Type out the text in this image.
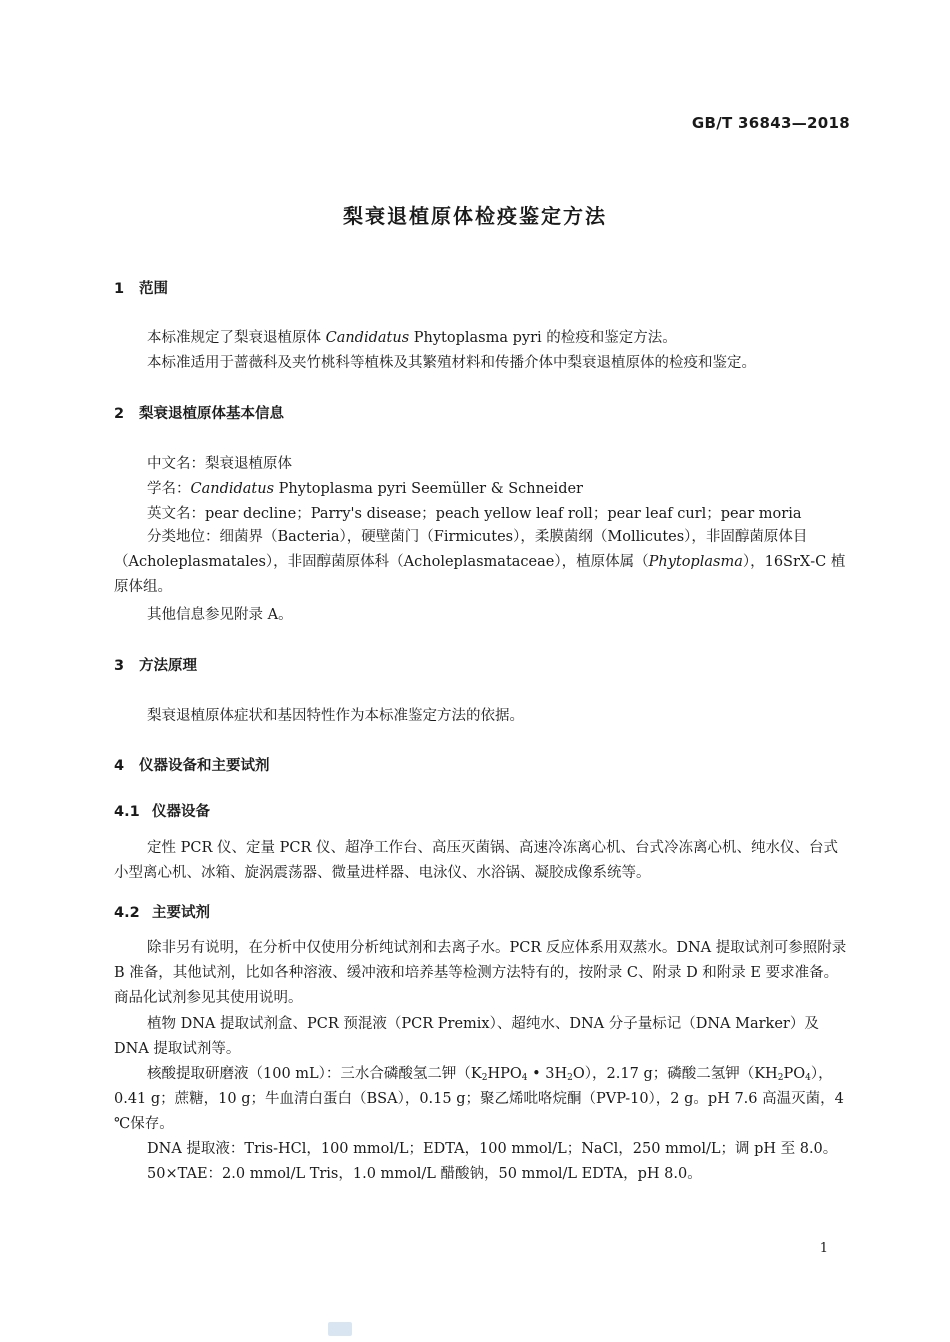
GB/T 36843—2018
梨衰退植原体检疫鉴定方法
1 范围
本标准规定了梨衰退植原体 Candidatus Phytoplasma pyri 的检疫和鉴定方法。
本标准适用于蔷薇科及夹竹桃科等植株及其繁殖材料和传播介体中梨衰退植原体的检疫和鉴定。
2 梨衰退植原体基本信息
中文名：梨衰退植原体
学名：Candidatus Phytoplasma pyri Seemüller & Schneider
英文名：pear decline；Parry's disease；peach yellow leaf roll；pear leaf curl；pear moria
分类地位：细菌界（Bacteria），硬壁菌门（Firmicutes），柔膜菌纲（Mollicutes），非固醇菌原体目（Acholeplasmatales），非固醇菌原体科（Acholeplasmataceae），植原体属（Phytoplasma），16SrⅩ-C 植原体组。
其他信息参见附录 A。
3 方法原理
梨衰退植原体症状和基因特性作为本标准鉴定方法的依据。
4 仪器设备和主要试剂
4.1 仪器设备
定性 PCR 仪、定量 PCR 仪、超净工作台、高压灭菌锅、高速冷冻离心机、台式冷冻离心机、纯水仪、台式小型离心机、冰箱、旋涡震荡器、微量进样器、电泳仪、水浴锅、凝胶成像系统等。
4.2 主要试剂
除非另有说明，在分析中仅使用分析纯试剂和去离子水。PCR 反应体系用双蒸水。DNA 提取试剂可参照附录 B 准备，其他试剂，比如各种溶液、缓冲液和培养基等检测方法特有的，按附录 C、附录 D 和附录 E 要求准备。商品化试剂参见其使用说明。
植物 DNA 提取试剂盒、PCR 预混液（PCR Premix）、超纯水、DNA 分子量标记（DNA Marker）及 DNA 提取试剂等。
核酸提取研磨液（100 mL）：三水合磷酸氢二钾（$K_2HPO_4$ • $3H_2O$），2.17 g；磷酸二氢钾$(KH_2PO_4)$，0.41 g；蔗糖，10 g；牛血清白蛋白（BSA），0.15 g；聚乙烯吡咯烷酮（PVP-10），2 g。pH 7.6 高温灭菌，4 ℃保存。
DNA 提取液：Tris-HCl，100 mmol/L；EDTA，100 mmol/L；NaCl，250 mmol/L；调 pH 至 8.0。
50×TAE：2.0 mmol/L Tris，1.0 mmol/L 醋酸钠，50 mmol/L EDTA，pH 8.0。
1
